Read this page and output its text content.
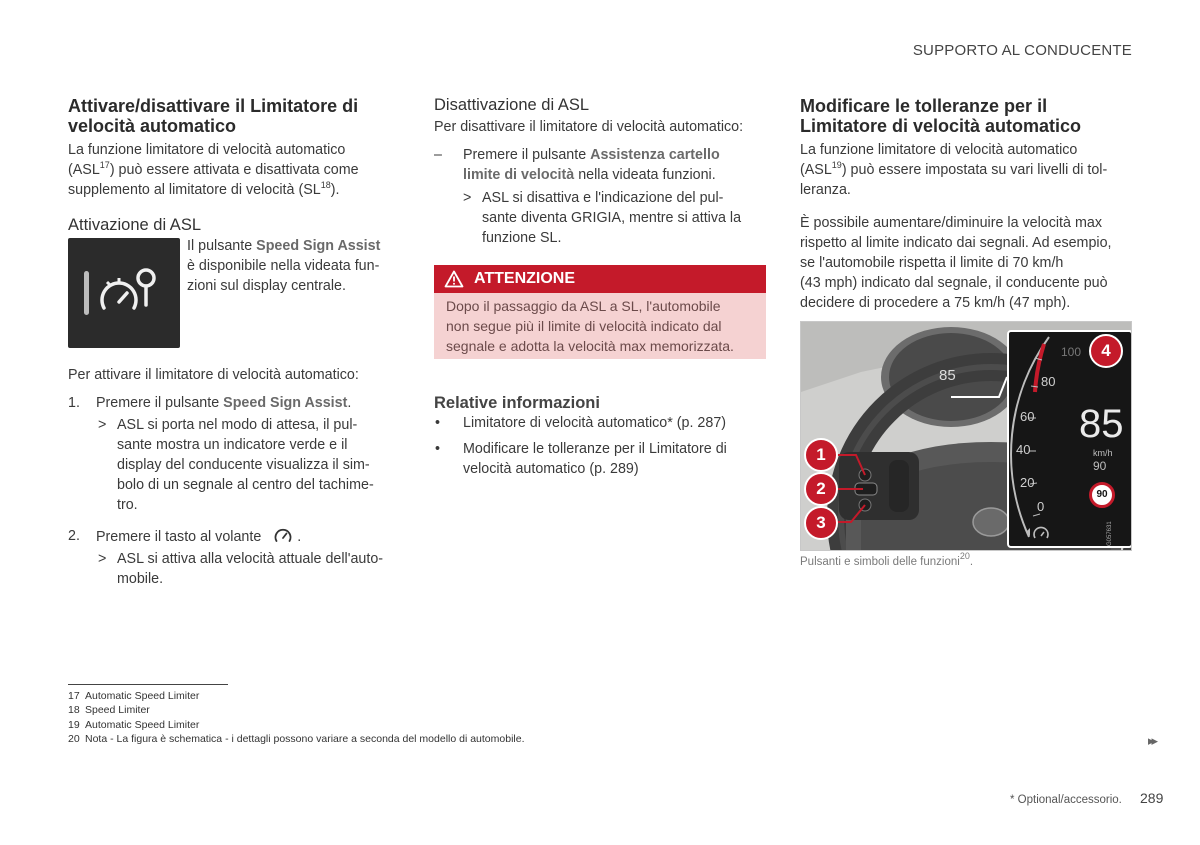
SUPPORTO AL CONDUCENTE
Attivare/disattivare il Limitatore di
velocità automatico

La funzione limitatore di velocità automatico
(ASL$^{17}$) può essere attivata e disattivata come
supplemento al limitatore di velocità (SL$^{18}$).

Attivazione di ASL

Il pulsante Speed Sign Assist
è disponibile nella videata fun-
zioni sul display centrale.

Per attivare il limitatore di velocità automatico:

1. Premere il pulsante Speed Sign Assist.
> ASL si porta nel modo di attesa, il pul-
sante mostra un indicatore verde e il
display del conducente visualizza il sim-
bolo di un segnale al centro del tachime-
tro.
2. Premere il tasto al volante	.
> ASL si attiva alla velocità attuale dell'auto-
mobile.
Disattivazione di ASL

Per disattivare il limitatore di velocità automatico:

– Premere il pulsante Assistenza cartello
limite di velocità nella videata funzioni.
> ASL si disattiva e l'indicazione del pul-
sante diventa GRIGIA, mentre si attiva la
funzione SL.
ATTENZIONE

Dopo il passaggio da ASL a SL, l'automobile
non segue più il limite di velocità indicato dal
segnale e adotta la velocità max memorizzata.

Relative informazioni
• Limitatore di velocità automatico* (p. 287)
• Modificare le tolleranze per il Limitatore di
velocità automatico (p. 289)
Modificare le tolleranze per il
Limitatore di velocità automatico

La funzione limitatore di velocità automatico
(ASL$^{19}$) può essere impostata su vari livelli di tol-
leranza.

È possibile aumentare/diminuire la velocità max
rispetto al limite indicato dai segnali. Ad esempio,
se l'automobile rispetta il limite di 70 km/h
(43 mph) indicato dal segnale, il conducente può
decidere di procedere a 75 km/h (47 mph).

85
100
80
60
40
20
0
85
km/h
90
90
G057631
1
2
3
4
Pulsanti e simboli delle funzioni$^{20}$.
17 Automatic Speed Limiter
18 Speed Limiter
19 Automatic Speed Limiter
20 Nota - La figura è schematica - i dettagli possono variare a seconda del modello di automobile.	▸▸
* Optional/accessorio. 289
